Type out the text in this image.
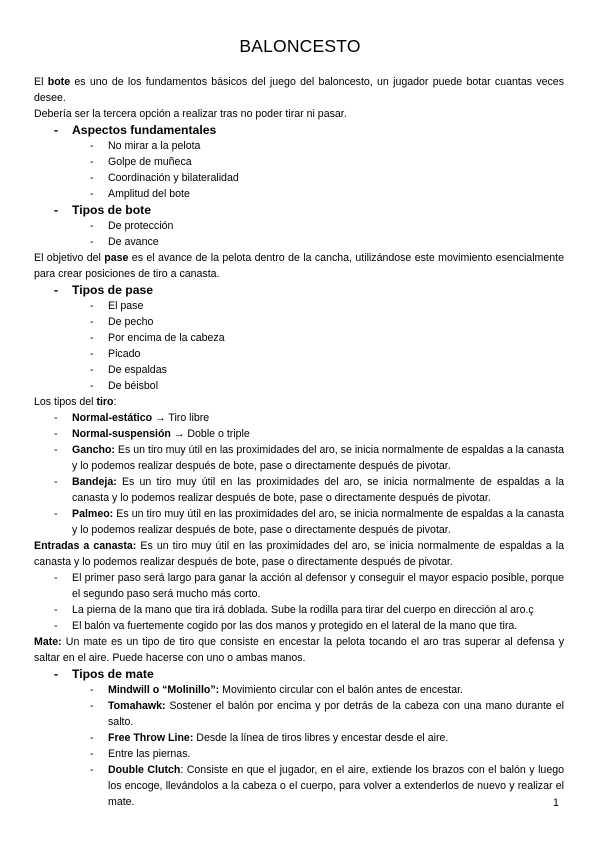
BALONCESTO

El bote es uno de los fundamentos básicos del juego del baloncesto, un jugador puede botar cuantas veces desee.

Debería ser la tercera opción a realizar tras no poder tirar ni pasar.

- Aspectos fundamentales
- No mirar a la pelota
- Golpe de muñeca
- Coordinación y bilateralidad
- Amplitud del bote
- Tipos de bote
- De protección
- De avance

El objetivo del pase es el avance de la pelota dentro de la cancha, utilizándose este movimiento esencialmente para crear posiciones de tiro a canasta.

- Tipos de pase
- El pase
- De pecho
- Por encima de la cabeza
- Picado
- De espaldas
- De béisbol

Los tipos del tiro:

- Normal-estático → Tiro libre
- Normal-suspensión → Doble o triple
- Gancho: Es un tiro muy útil en las proximidades del aro, se inicia normalmente de espaldas a la canasta y lo podemos realizar después de bote, pase o directamente después de pivotar.
- Bandeja: Es un tiro muy útil en las proximidades del aro, se inicia normalmente de espaldas a la canasta y lo podemos realizar después de bote, pase o directamente después de pivotar.
- Palmeo: Es un tiro muy útil en las proximidades del aro, se inicia normalmente de espaldas a la canasta y lo podemos realizar después de bote, pase o directamente después de pivotar.

Entradas a canasta: Es un tiro muy útil en las proximidades del aro, se inicia normalmente de espaldas a la canasta y lo podemos realizar después de bote, pase o directamente después de pivotar.

- El primer paso será largo para ganar la acción al defensor y conseguir el mayor espacio posible, porque el segundo paso será mucho más corto.
- La pierna de la mano que tira irá doblada. Sube la rodilla para tirar del cuerpo en dirección al aro.ç
- El balón va fuertemente cogido por las dos manos y protegido en el lateral de la mano que tira.

Mate: Un mate es un tipo de tiro que consiste en encestar la pelota tocando el aro tras superar al defensa y saltar en el aire. Puede hacerse con uno o ambas manos.

- Tipos de mate
- Mindwill o “Molinillo”: Movimiento circular con el balón antes de encestar.
- Tomahawk: Sostener el balón por encima y por detrás de la cabeza con una mano durante el salto.
- Free Throw Line: Desde la línea de tiros libres y encestar desde el aire.
- Entre las piernas.
- Double Clutch: Consiste en que el jugador, en el aire, extiende los brazos con el balón y luego los encoge, llevándolos a la cabeza o el cuerpo, para volver a extenderlos de nuevo y realizar el mate.	1
